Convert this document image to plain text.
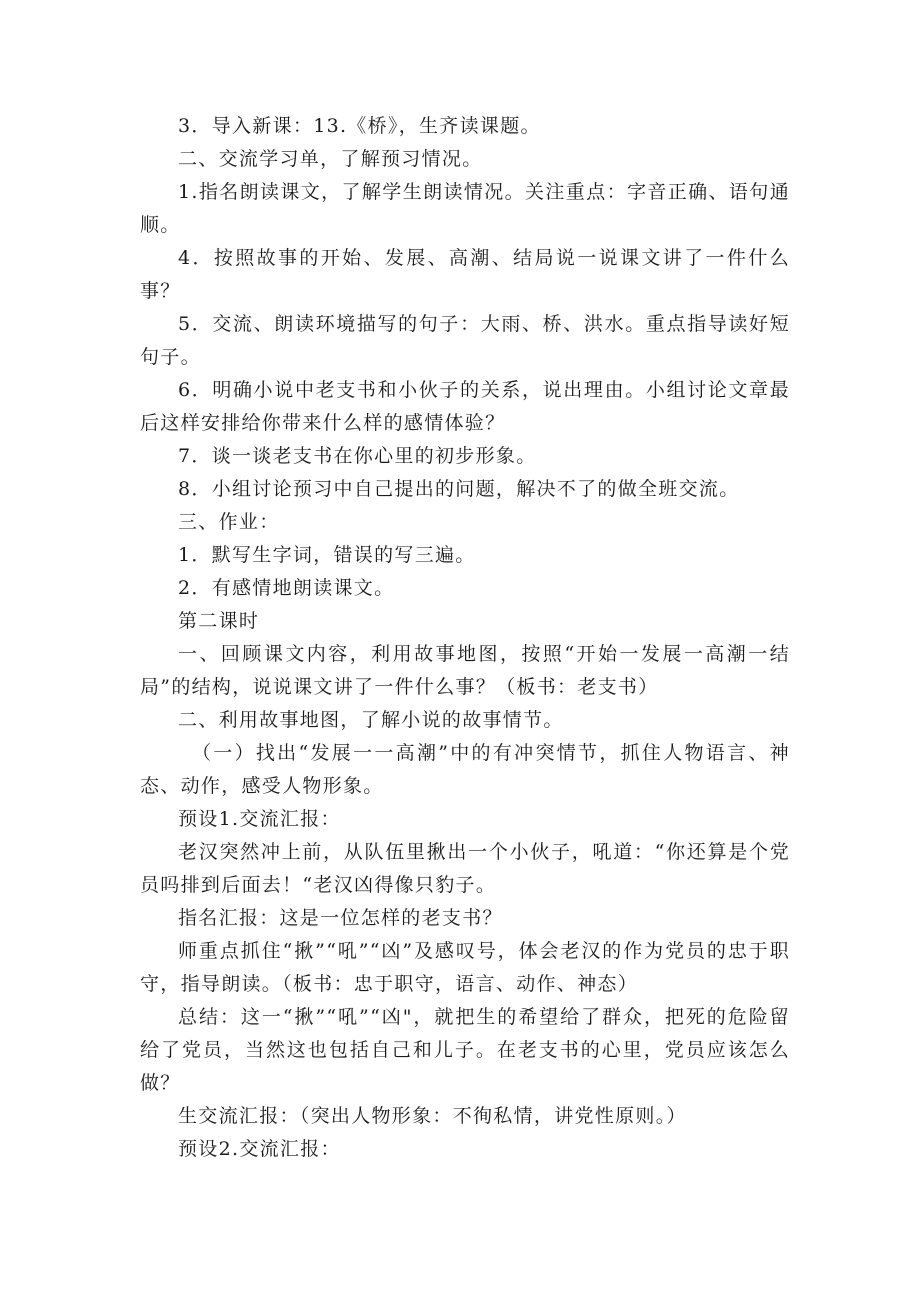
3．导入新课：13.《桥》，生齐读课题。

二、交流学习单，了解预习情况。

1.指名朗读课文，了解学生朗读情况。关注重点：字音正确、语句通顺。

4．按照故事的开始、发展、高潮、结局说一说课文讲了一件什么事？

5．交流、朗读环境描写的句子：大雨、桥、洪水。重点指导读好短句子。

6．明确小说中老支书和小伙子的关系，说出理由。小组讨论文章最后这样安排给你带来什么样的感情体验？

7．谈一谈老支书在你心里的初步形象。

8．小组讨论预习中自己提出的问题，解决不了的做全班交流。

三、作业：

1．默写生字词，错误的写三遍。

2．有感情地朗读课文。

第二课时

一、回顾课文内容，利用故事地图，按照“开始一发展一高潮一结局”的结构，说说课文讲了一件什么事？（板书：老支书）

二、利用故事地图，了解小说的故事情节。

（一）找出“发展一一高潮”中的有冲突情节，抓住人物语言、神态、动作，感受人物形象。

预设1.交流汇报：

老汉突然冲上前，从队伍里揪出一个小伙子，吼道：“你还算是个党员吗排到后面去！“老汉凶得像只豹子。

指名汇报：这是一位怎样的老支书？

师重点抓住“揪”“吼”“凶”及感叹号，体会老汉的作为党员的忠于职守，指导朗读。（板书：忠于职守，语言、动作、神态）

总结：这一“揪”“吼”“凶"，就把生的希望给了群众，把死的危险留给了党员，当然这也包括自己和儿子。在老支书的心里，党员应该怎么做？

生交流汇报：（突出人物形象：不徇私情，讲党性原则。）

预设2.交流汇报：
